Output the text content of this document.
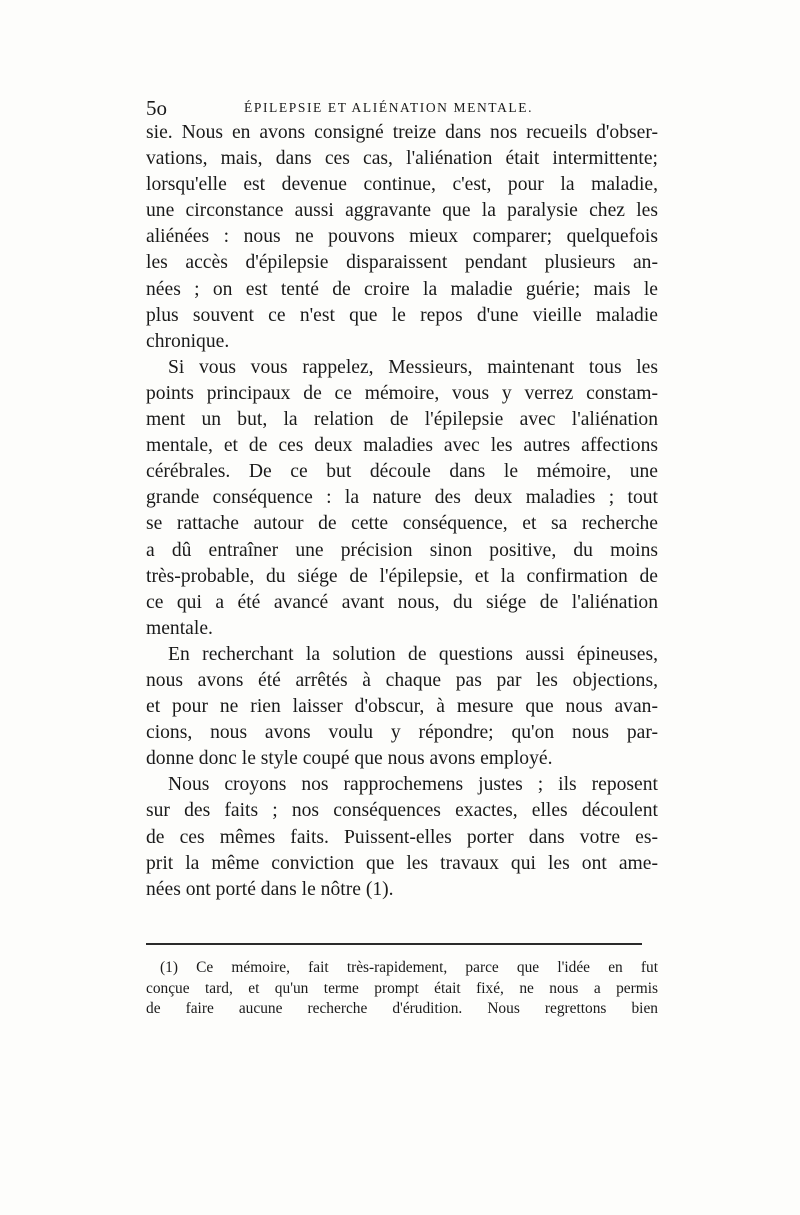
5o	ÉPILEPSIE ET ALIÉNATION MENTALE.
sie. Nous en avons consigné treize dans nos recueils d'obser-
vations, mais, dans ces cas, l'aliénation était intermittente;
lorsqu'elle est devenue continue, c'est, pour la maladie,
une circonstance aussi aggravante que la paralysie chez les
aliénées : nous ne pouvons mieux comparer; quelquefois
les accès d'épilepsie disparaissent pendant plusieurs an-
nées ; on est tenté de croire la maladie guérie; mais le
plus souvent ce n'est que le repos d'une vieille maladie
chronique.
Si vous vous rappelez, Messieurs, maintenant tous les
points principaux de ce mémoire, vous y verrez constam-
ment un but, la relation de l'épilepsie avec l'aliénation
mentale, et de ces deux maladies avec les autres affections
cérébrales. De ce but découle dans le mémoire, une
grande conséquence : la nature des deux maladies ; tout
se rattache autour de cette conséquence, et sa recherche
a dû entraîner une précision sinon positive, du moins
très-probable, du siége de l'épilepsie, et la confirmation de
ce qui a été avancé avant nous, du siége de l'aliénation
mentale.
En recherchant la solution de questions aussi épineuses,
nous avons été arrêtés à chaque pas par les objections,
et pour ne rien laisser d'obscur, à mesure que nous avan-
cions, nous avons voulu y répondre; qu'on nous par-
donne donc le style coupé que nous avons employé.
Nous croyons nos rapprochemens justes ; ils reposent
sur des faits ; nos conséquences exactes, elles découlent
de ces mêmes faits. Puissent-elles porter dans votre es-
prit la même conviction que les travaux qui les ont ame-
nées ont porté dans le nôtre (1).
(1) Ce mémoire, fait très-rapidement, parce que l'idée en fut
conçue tard, et qu'un terme prompt était fixé, ne nous a permis
de faire aucune recherche d'érudition. Nous regrettons bien
